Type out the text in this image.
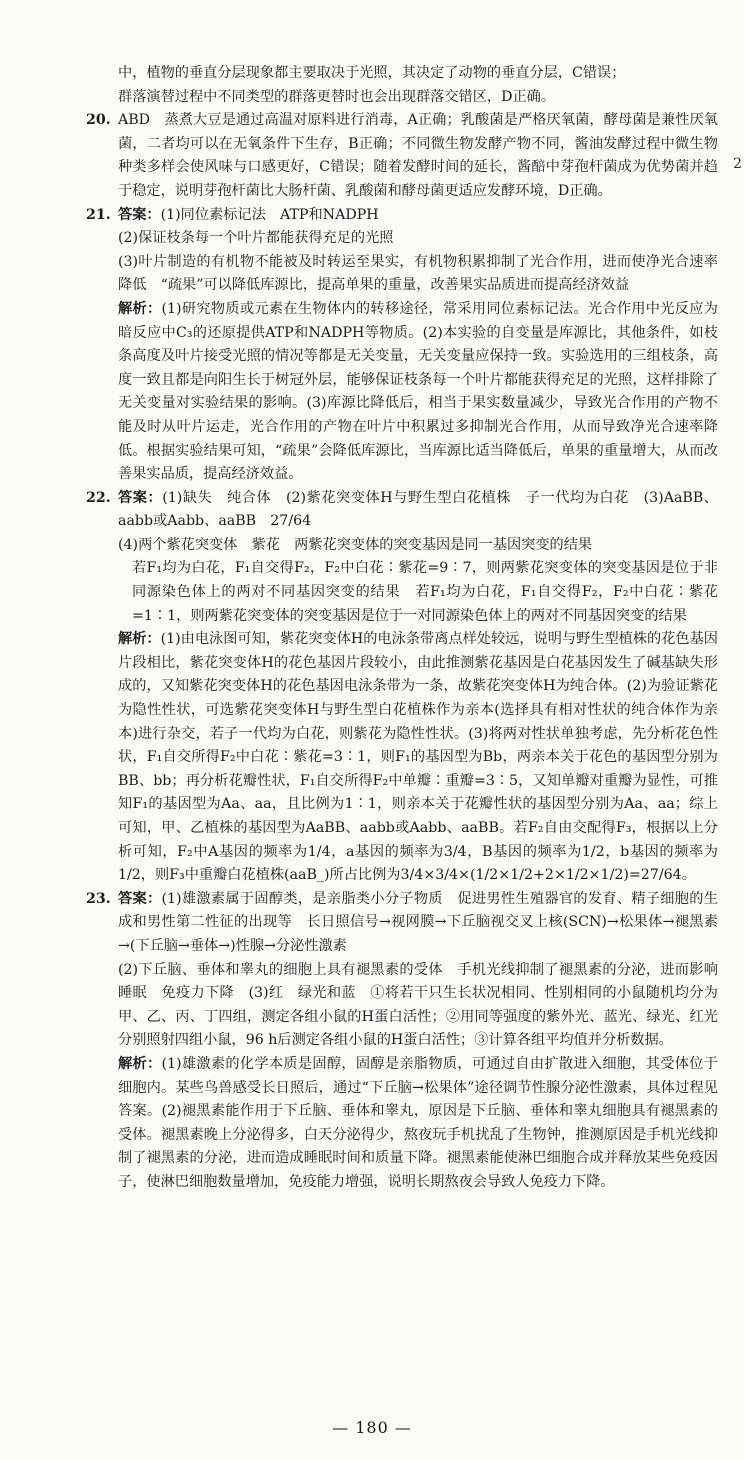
2

中，植物的垂直分层现象都主要取决于光照，其决定了动物的垂直分层，C错误；

群落演替过程中不同类型的群落更替时也会出现群落交错区，D正确。

20. ABD　蒸煮大豆是通过高温对原料进行消毒，A正确；乳酸菌是严格厌氧菌，酵母菌是兼性厌氧菌，二者均可以在无氧条件下生存，B正确；不同微生物发酵产物不同，酱油发酵过程中微生物种类多样会使风味与口感更好，C错误；随着发酵时间的延长，酱醅中芽孢杆菌成为优势菌并趋于稳定，说明芽孢杆菌比大肠杆菌、乳酸菌和酵母菌更适应发酵环境，D正确。

21. 答案：(1)同位素标记法　ATP和NADPH

(2)保证枝条每一个叶片都能获得充足的光照

(3)叶片制造的有机物不能被及时转运至果实，有机物积累抑制了光合作用，进而使净光合速率降低　“疏果”可以降低库源比，提高单果的重量，改善果实品质进而提高经济效益

解析：(1)研究物质或元素在生物体内的转移途径，常采用同位素标记法。光合作用中光反应为暗反应中C₃的还原提供ATP和NADPH等物质。(2)本实验的自变量是库源比，其他条件，如枝条高度及叶片接受光照的情况等都是无关变量，无关变量应保持一致。实验选用的三组枝条，高度一致且都是向阳生长于树冠外层，能够保证枝条每一个叶片都能获得充足的光照，这样排除了无关变量对实验结果的影响。(3)库源比降低后，相当于果实数量减少，导致光合作用的产物不能及时从叶片运走，光合作用的产物在叶片中积累过多抑制光合作用，从而导致净光合速率降低。根据实验结果可知，“疏果”会降低库源比，当库源比适当降低后，单果的重量增大，从而改善果实品质，提高经济效益。

22. 答案：(1)缺失　纯合体　(2)紫花突变体H与野生型白花植株　子一代均为白花　(3)AaBB、aabb或Aabb、aaBB　27/64

(4)两个紫花突变体　紫花　两紫花突变体的突变基因是同一基因突变的结果

若F₁均为白花，F₁自交得F₂，F₂中白花∶紫花=9∶7，则两紫花突变体的突变基因是位于非同源染色体上的两对不同基因突变的结果　若F₁均为白花，F₁自交得F₂，F₂中白花∶紫花=1∶1，则两紫花突变体的突变基因是位于一对同源染色体上的两对不同基因突变的结果

解析：(1)由电泳图可知，紫花突变体H的电泳条带离点样处较远，说明与野生型植株的花色基因片段相比，紫花突变体H的花色基因片段较小，由此推测紫花基因是白花基因发生了碱基缺失形成的，又知紫花突变体H的花色基因电泳条带为一条，故紫花突变体H为纯合体。(2)为验证紫花为隐性性状，可选紫花突变体H与野生型白花植株作为亲本(选择具有相对性状的纯合体作为亲本)进行杂交，若子一代均为白花，则紫花为隐性性状。(3)将两对性状单独考虑，先分析花色性状，F₁自交所得F₂中白花∶紫花=3∶1，则F₁的基因型为Bb，两亲本关于花色的基因型分别为BB、bb；再分析花瓣性状，F₁自交所得F₂中单瓣∶重瓣=3∶5，又知单瓣对重瓣为显性，可推知F₁的基因型为Aa、aa，且比例为1∶1，则亲本关于花瓣性状的基因型分别为Aa、aa；综上可知，甲、乙植株的基因型为AaBB、aabb或Aabb、aaBB。若F₂自由交配得F₃，根据以上分析可知，F₂中A基因的频率为1/4，a基因的频率为3/4，B基因的频率为1/2，b基因的频率为1/2，则F₃中重瓣白花植株(aaB_)所占比例为3/4×3/4×(1/2×1/2+2×1/2×1/2)=27/64。

23. 答案：(1)雄激素属于固醇类，是亲脂类小分子物质　促进男性生殖器官的发育、精子细胞的生成和男性第二性征的出现等　长日照信号→视网膜→下丘脑视交叉上核(SCN)→松果体→褪黑素→(下丘脑→垂体→)性腺→分泌性激素

(2)下丘脑、垂体和睾丸的细胞上具有褪黑素的受体　手机光线抑制了褪黑素的分泌，进而影响睡眠　免疫力下降　(3)红　绿光和蓝　①将若干只生长状况相同、性别相同的小鼠随机均分为甲、乙、丙、丁四组，测定各组小鼠的H蛋白活性；②用同等强度的紫外光、蓝光、绿光、红光分别照射四组小鼠，96 h后测定各组小鼠的H蛋白活性；③计算各组平均值并分析数据。

解析：(1)雄激素的化学本质是固醇，固醇是亲脂物质，可通过自由扩散进入细胞，其受体位于细胞内。某些鸟兽感受长日照后，通过“下丘脑→松果体”途径调节性腺分泌性激素，具体过程见答案。(2)褪黑素能作用于下丘脑、垂体和睾丸，原因是下丘脑、垂体和睾丸细胞具有褪黑素的受体。褪黑素晚上分泌得多，白天分泌得少，熬夜玩手机扰乱了生物钟，推测原因是手机光线抑制了褪黑素的分泌，进而造成睡眠时间和质量下降。褪黑素能使淋巴细胞合成并释放某些免疫因子，使淋巴细胞数量增加，免疫能力增强，说明长期熬夜会导致人免疫力下降。

— 180 —
